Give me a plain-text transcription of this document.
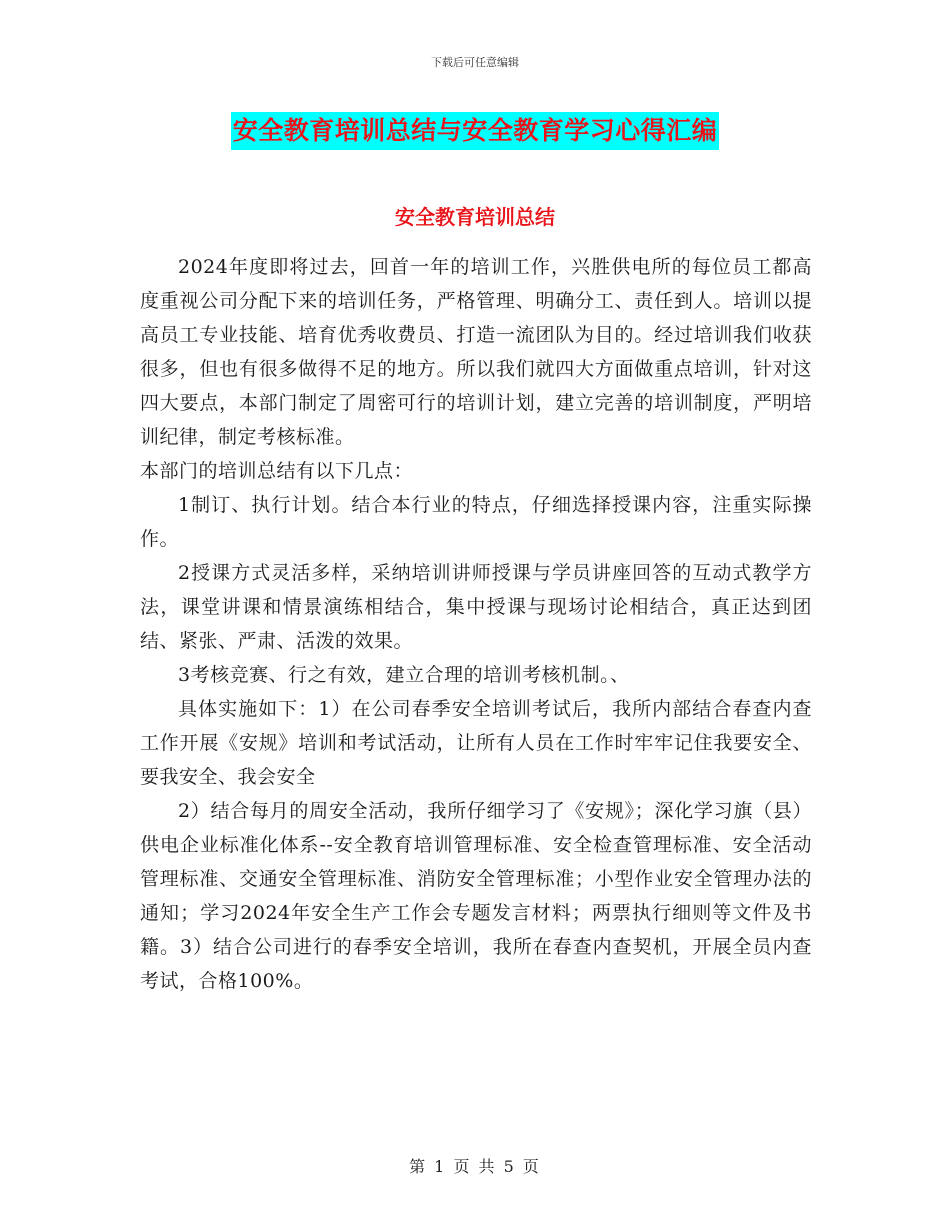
下载后可任意编辑
安全教育培训总结与安全教育学习心得汇编
安全教育培训总结

2024年度即将过去，回首一年的培训工作，兴胜供电所的每位员工都高度重视公司分配下来的培训任务，严格管理、明确分工、责任到人。培训以提高员工专业技能、培育优秀收费员、打造一流团队为目的。经过培训我们收获很多，但也有很多做得不足的地方。所以我们就四大方面做重点培训，针对这四大要点，本部门制定了周密可行的培训计划，建立完善的培训制度，严明培训纪律，制定考核标准。

本部门的培训总结有以下几点：

1制订、执行计划。结合本行业的特点，仔细选择授课内容，注重实际操作。

2授课方式灵活多样，采纳培训讲师授课与学员讲座回答的互动式教学方法，课堂讲课和情景演练相结合，集中授课与现场讨论相结合，真正达到团结、紧张、严肃、活泼的效果。

3考核竞赛、行之有效，建立合理的培训考核机制。、

具体实施如下：1）在公司春季安全培训考试后，我所内部结合春查内查工作开展《安规》培训和考试活动，让所有人员在工作时牢牢记住我要安全、要我安全、我会安全

2）结合每月的周安全活动，我所仔细学习了《安规》；深化学习旗（县）供电企业标准化体系--安全教育培训管理标准、安全检查管理标准、安全活动管理标准、交通安全管理标准、消防安全管理标准；小型作业安全管理办法的通知；学习2024年安全生产工作会专题发言材料；两票执行细则等文件及书籍。3）结合公司进行的春季安全培训，我所在春查内查契机，开展全员内查考试，合格100%。

第 1 页 共 5 页
